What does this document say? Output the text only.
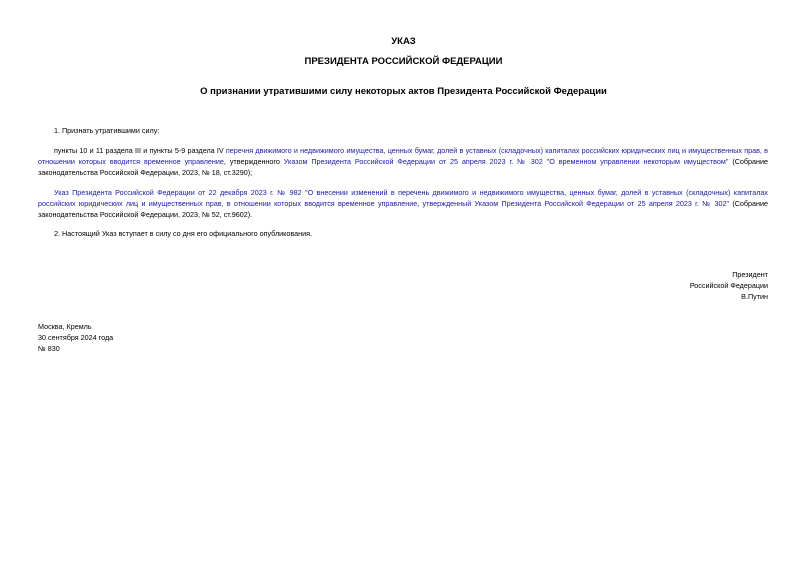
УКАЗ
ПРЕЗИДЕНТА РОССИЙСКОЙ ФЕДЕРАЦИИ
О признании утратившими силу некоторых актов Президента Российской Федерации
1. Признать утратившими силу:
пункты 10 и 11 раздела III и пункты 5-9 раздела IV перечня движимого и недвижимого имущества, ценных бумаг, долей в уставных (складочных) капиталах российских юридических лиц и имущественных прав, в отношении которых вводится временное управление, утвержденного Указом Президента Российской Федерации от 25 апреля 2023 г. № 302 "О временном управлении некоторым имуществом" (Собрание законодательства Российской Федерации, 2023, № 18, ст.3290);
Указ Президента Российской Федерации от 22 декабря 2023 г. № 982 "О внесении изменений в перечень движимого и недвижимого имущества, ценных бумаг, долей в уставных (складочных) капиталах российских юридических лиц и имущественных прав, в отношении которых вводится временное управление, утвержденный Указом Президента Российской Федерации от 25 апреля 2023 г. № 302" (Собрание законодательства Российской Федерации, 2023, № 52, ст.9602).
2. Настоящий Указ вступает в силу со дня его официального опубликования.
Президент
Российской Федерации
В.Путин
Москва, Кремль
30 сентября 2024 года
№ 830
